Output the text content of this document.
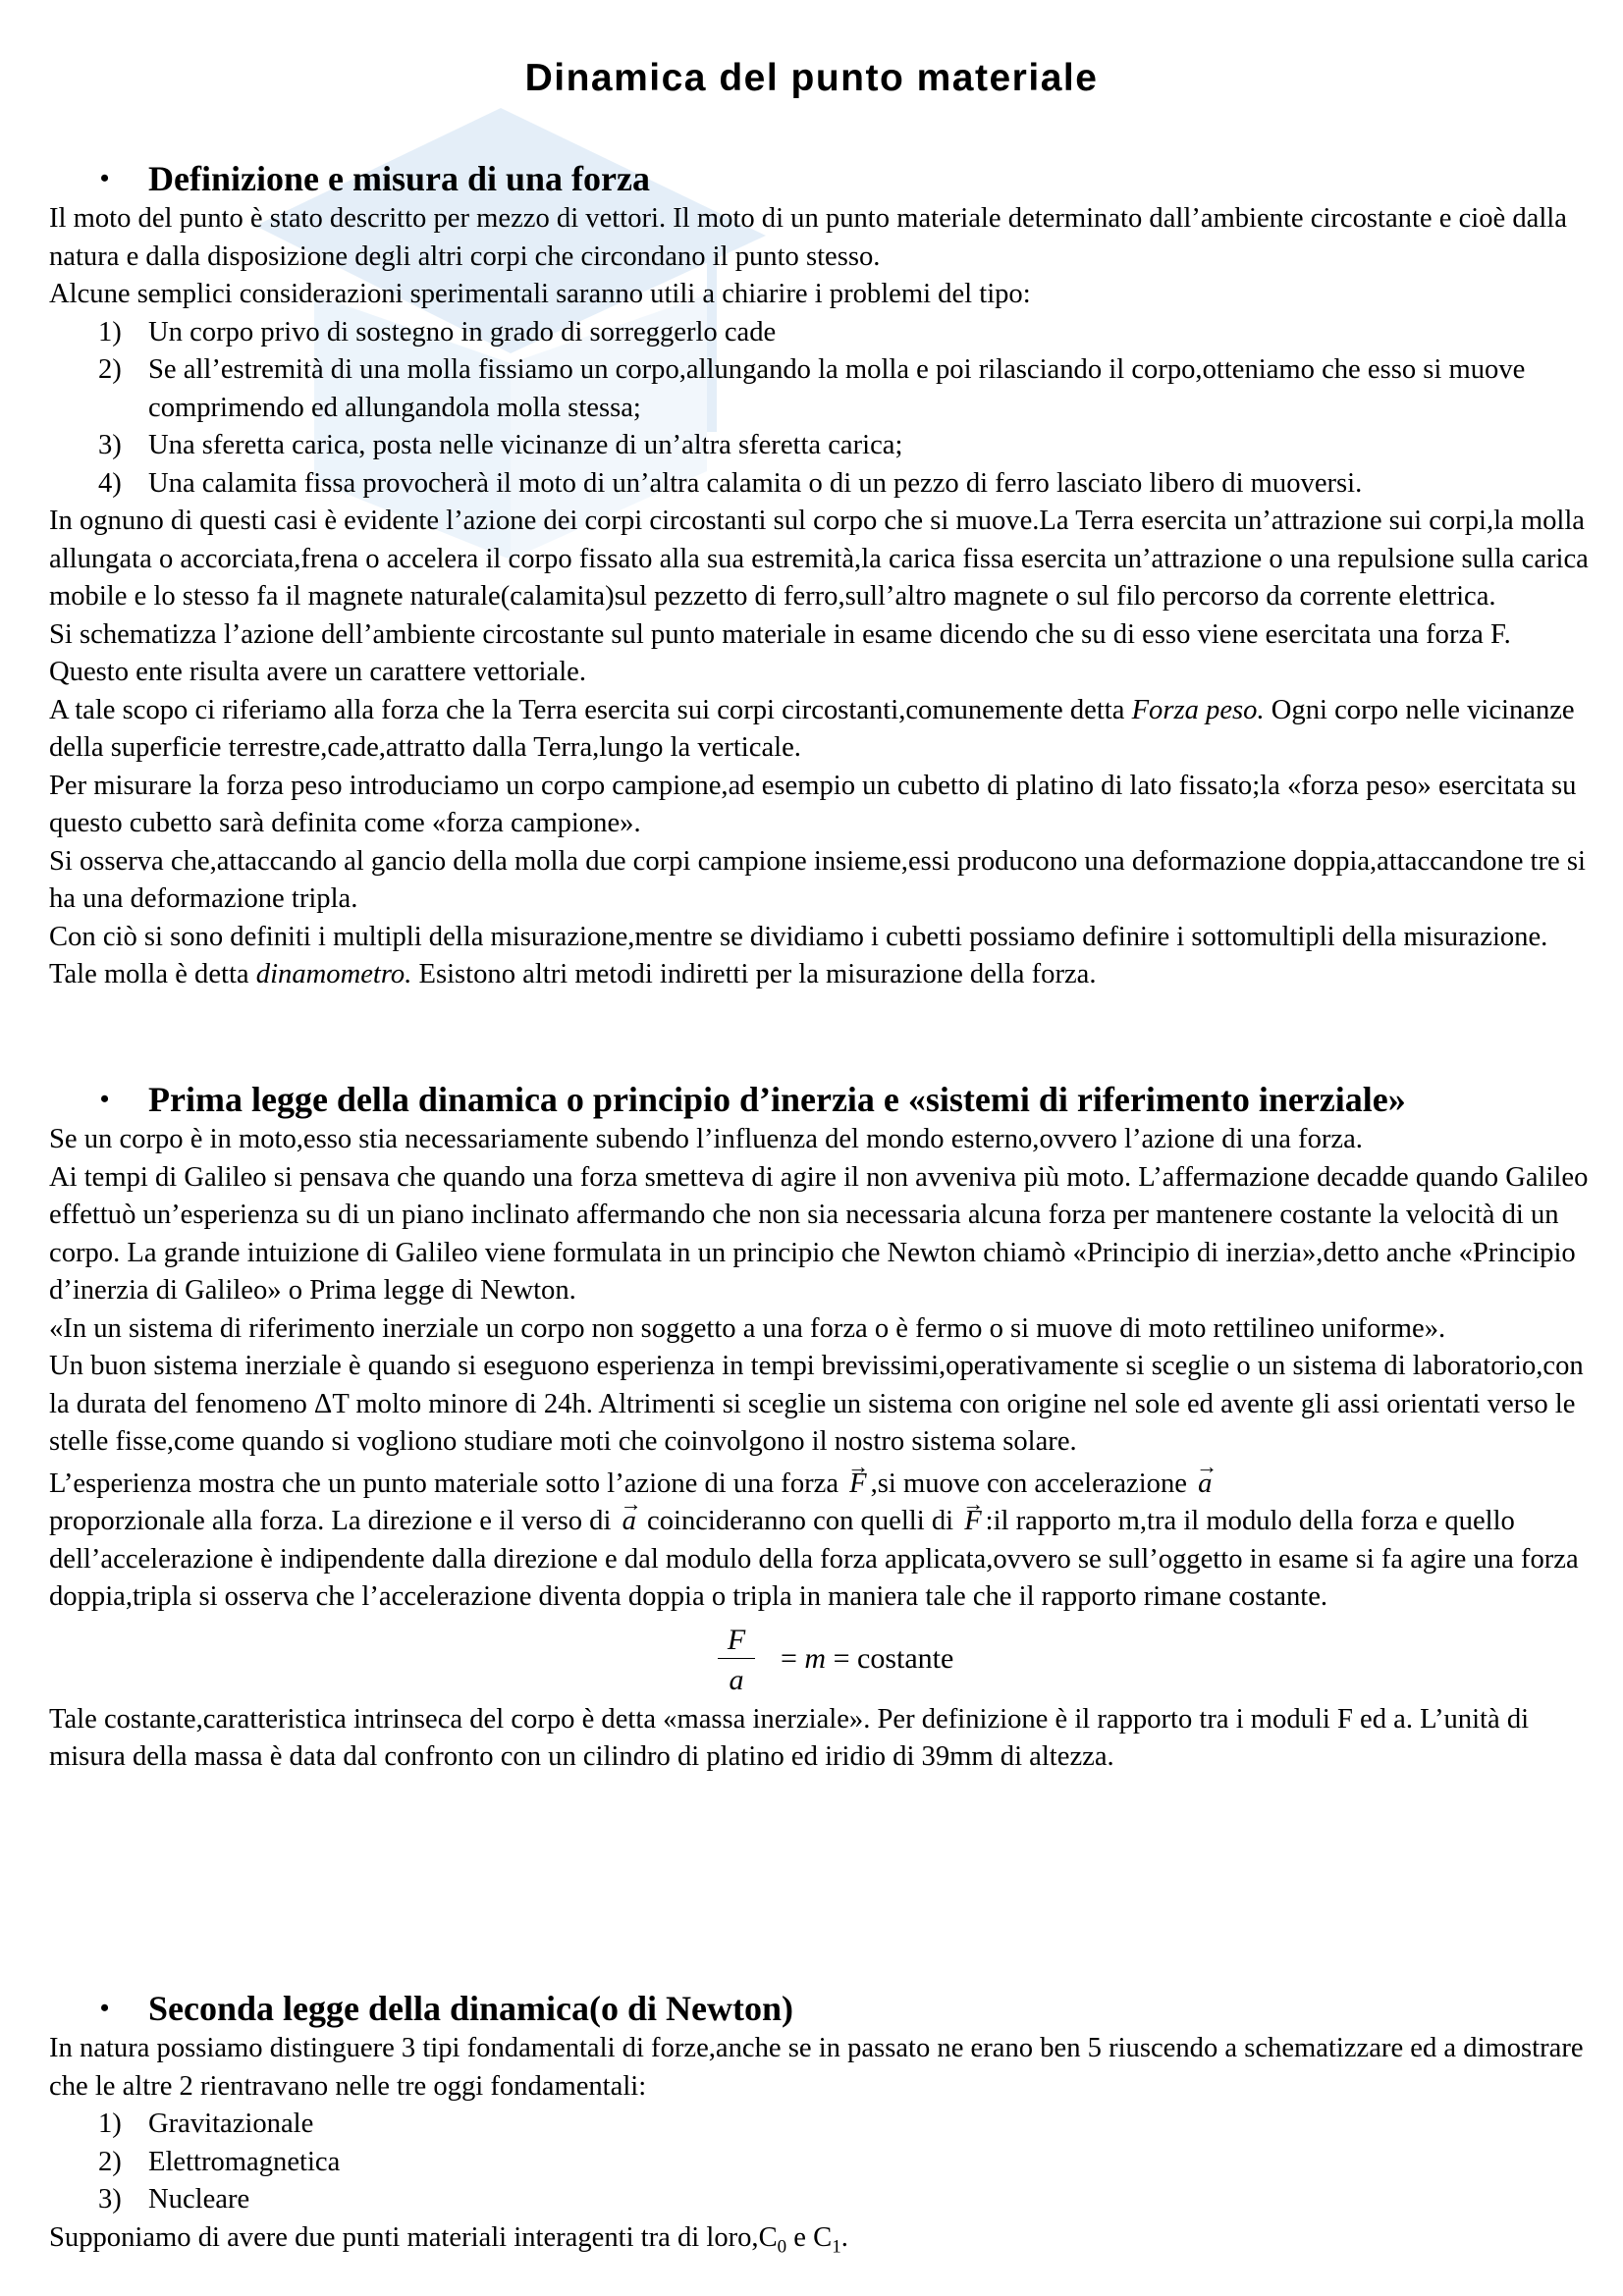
Dinamica del punto materiale
• Definizione e misura di una forza

Il moto del punto è stato descritto per mezzo di vettori. Il moto di un punto materiale determinato dall’ambiente circostante e cioè dalla natura e dalla disposizione degli altri corpi che circondano il punto stesso.

Alcune semplici considerazioni sperimentali saranno utili a chiarire i problemi del tipo:

1) Un corpo privo di sostegno in grado di sorreggerlo cade
2) Se all’estremità di una molla fissiamo un corpo,allungando la molla e poi rilasciando il corpo,otteniamo che esso si muove comprimendo ed allungandola molla stessa;
3) Una sferetta carica, posta nelle vicinanze di un’altra sferetta carica;
4) Una calamita fissa provocherà il moto di un’altra calamita o di un pezzo di ferro lasciato libero di muoversi.

In ognuno di questi casi è evidente l’azione dei corpi circostanti sul corpo che si muove.La Terra esercita un’attrazione sui corpi,la molla allungata o accorciata,frena o accelera il corpo fissato alla sua estremità,la carica fissa esercita un’attrazione o una repulsione sulla carica mobile e lo stesso fa il magnete naturale(calamita)sul pezzetto di ferro,sull’altro magnete o sul filo percorso da corrente elettrica.

Si schematizza l’azione dell’ambiente circostante sul punto materiale in esame dicendo che su di esso viene esercitata una forza F. Questo ente risulta avere un carattere vettoriale.

A tale scopo ci riferiamo alla forza che la Terra esercita sui corpi circostanti,comunemente detta Forza peso. Ogni corpo nelle vicinanze della superficie terrestre,cade,attratto dalla Terra,lungo la verticale.

Per misurare la forza peso introduciamo un corpo campione,ad esempio un cubetto di platino di lato fissato;la «forza peso» esercitata su questo cubetto sarà definita come «forza campione».

Si osserva che,attaccando al gancio della molla due corpi campione insieme,essi producono una deformazione doppia,attaccandone tre si ha una deformazione tripla.

Con ciò si sono definiti i multipli della misurazione,mentre se dividiamo i cubetti possiamo definire i sottomultipli della misurazione. Tale molla è detta dinamometro. Esistono altri metodi indiretti per la misurazione della forza.

• Prima legge della dinamica o principio d’inerzia e «sistemi di riferimento inerziale»

Se un corpo è in moto,esso stia necessariamente subendo l’influenza del mondo esterno,ovvero l’azione di una forza.

Ai tempi di Galileo si pensava che quando una forza smetteva di agire il non avveniva più moto. L’affermazione decadde quando Galileo effettuò un’esperienza su di un piano inclinato affermando che non sia necessaria alcuna forza per mantenere costante la velocità di un corpo. La grande intuizione di Galileo viene formulata in un principio che Newton chiamò «Principio di inerzia»,detto anche «Principio d’inerzia di Galileo» o Prima legge di Newton.

«In un sistema di riferimento inerziale un corpo non soggetto a una forza o è fermo o si muove di moto rettilineo uniforme».

Un buon sistema inerziale è quando si eseguono esperienza in tempi brevissimi,operativamente si sceglie o un sistema di laboratorio,con la durata del fenomeno ΔT molto minore di 24h. Altrimenti si sceglie un sistema con origine nel sole ed avente gli assi orientati verso le stelle fisse,come quando si vogliono studiare moti che coinvolgono il nostro sistema solare.

L’esperienza mostra che un punto materiale sotto l’azione di una forza → F ,si muove con accelerazione → a
proporzionale alla forza. La direzione e il verso di → a coincideranno con quelli di → F :il rapporto m,tra il modulo della forza e quello dell’accelerazione è indipendente dalla direzione e dal modulo della forza applicata,ovvero se sull’oggetto in esame si fa agire una forza doppia,tripla si osserva che l’accelerazione diventa doppia o tripla in maniera tale che il rapporto rimane costante.

F
a
= m = costante

Tale costante,caratteristica intrinseca del corpo è detta «massa inerziale». Per definizione è il rapporto tra i moduli F ed a. L’unità di misura della massa è data dal confronto con un cilindro di platino ed iridio di 39mm di altezza.

• Seconda legge della dinamica(o di Newton)

In natura possiamo distinguere 3 tipi fondamentali di forze,anche se in passato ne erano ben 5 riuscendo a schematizzare ed a dimostrare che le altre 2 rientravano nelle tre oggi fondamentali:

1) Gravitazionale
2) Elettromagnetica
3) Nucleare

Supponiamo di avere due punti materiali interagenti tra di $loro,C_0$ e $C_1$.
